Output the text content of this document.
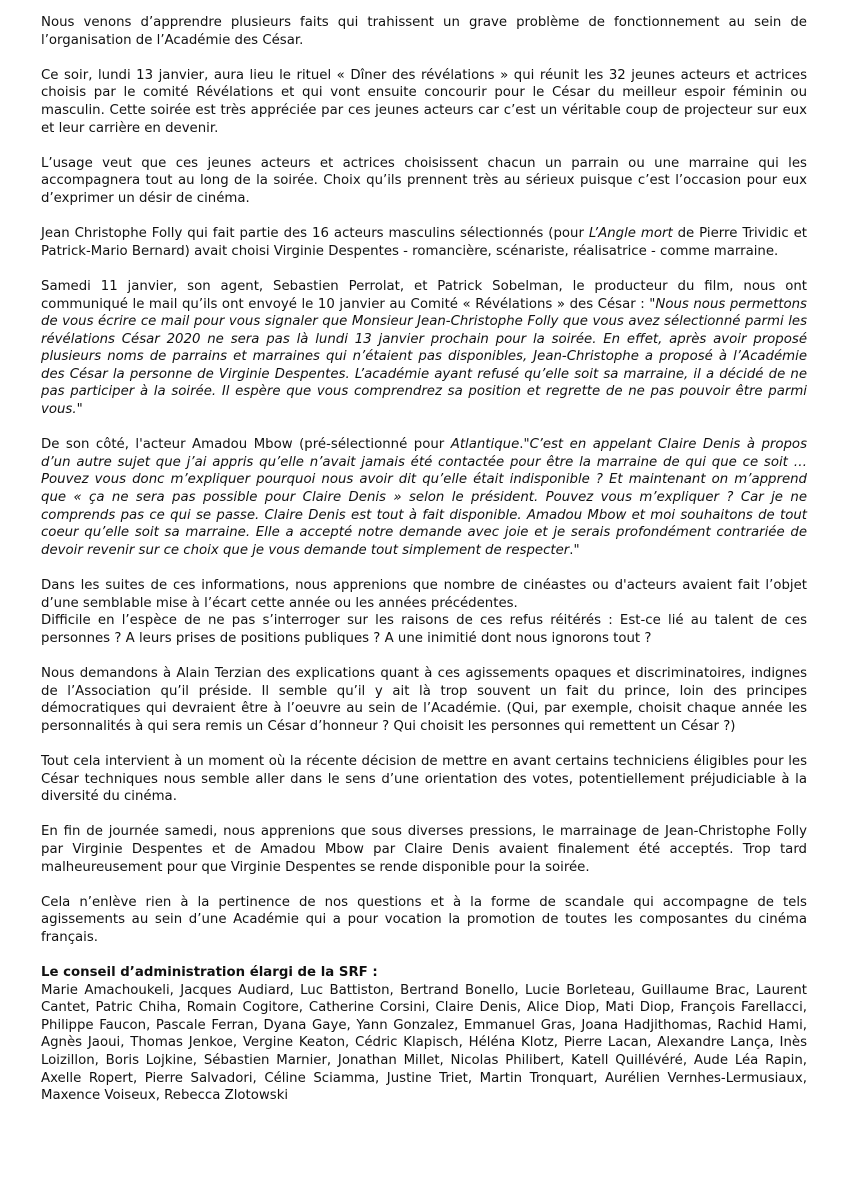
Nous venons d’apprendre plusieurs faits qui trahissent un grave problème de fonctionnement au sein de l’organisation de l’Académie des César.

Ce soir, lundi 13 janvier, aura lieu le rituel « Dîner des révélations » qui réunit les 32 jeunes acteurs et actrices choisis par le comité Révélations et qui vont ensuite concourir pour le César du meilleur espoir féminin ou masculin. Cette soirée est très appréciée par ces jeunes acteurs car c’est un véritable coup de projecteur sur eux et leur carrière en devenir.

L’usage veut que ces jeunes acteurs et actrices choisissent chacun un parrain ou une marraine qui les accompagnera tout au long de la soirée. Choix qu’ils prennent très au sérieux puisque c’est l’occasion pour eux d’exprimer un désir de cinéma.

Jean Christophe Folly qui fait partie des 16 acteurs masculins sélectionnés (pour L’Angle mort de Pierre Trividic et Patrick-Mario Bernard) avait choisi Virginie Despentes - romancière, scénariste, réalisatrice - comme marraine.

Samedi 11 janvier, son agent, Sebastien Perrolat, et Patrick Sobelman, le producteur du film, nous ont communiqué le mail qu’ils ont envoyé le 10 janvier au Comité « Révélations » des César : "Nous nous permettons de vous écrire ce mail pour vous signaler que Monsieur Jean-Christophe Folly que vous avez sélectionné parmi les révélations César 2020 ne sera pas là lundi 13 janvier prochain pour la soirée. En effet, après avoir proposé plusieurs noms de parrains et marraines qui n’étaient pas disponibles, Jean-Christophe a proposé à l’Académie des César la personne de Virginie Despentes. L’académie ayant refusé qu’elle soit sa marraine, il a décidé de ne pas participer à la soirée. Il espère que vous comprendrez sa position et regrette de ne pas pouvoir être parmi vous."

De son côté, l'acteur Amadou Mbow (pré-sélectionné pour Atlantique."C’est en appelant Claire Denis à propos d’un autre sujet que j’ai appris qu’elle n’avait jamais été contactée pour être la marraine de qui que ce soit … Pouvez vous donc m’expliquer pourquoi nous avoir dit qu’elle était indisponible ? Et maintenant on m’apprend que « ça ne sera pas possible pour Claire Denis » selon le président. Pouvez vous m’expliquer ? Car je ne comprends pas ce qui se passe. Claire Denis est tout à fait disponible. Amadou Mbow et moi souhaitons de tout coeur qu’elle soit sa marraine. Elle a accepté notre demande avec joie et je serais profondément contrariée de devoir revenir sur ce choix que je vous demande tout simplement de respecter."

Dans les suites de ces informations, nous apprenions que nombre de cinéastes ou d'acteurs avaient fait l’objet d’une semblable mise à l’écart cette année ou les années précédentes.

Difficile en l’espèce de ne pas s’interroger sur les raisons de ces refus réitérés : Est-ce lié au talent de ces personnes ? A leurs prises de positions publiques ? A une inimitié dont nous ignorons tout ?

Nous demandons à Alain Terzian des explications quant à ces agissements opaques et discriminatoires, indignes de l’Association qu’il préside. Il semble qu’il y ait là trop souvent un fait du prince, loin des principes démocratiques qui devraient être à l’oeuvre au sein de l’Académie. (Qui, par exemple, choisit chaque année les personnalités à qui sera remis un César d’honneur ? Qui choisit les personnes qui remettent un César ?)

Tout cela intervient à un moment où la récente décision de mettre en avant certains techniciens éligibles pour les César techniques nous semble aller dans le sens d’une orientation des votes, potentiellement préjudiciable à la diversité du cinéma.

En fin de journée samedi, nous apprenions que sous diverses pressions, le marrainage de Jean-Christophe Folly par Virginie Despentes et de Amadou Mbow par Claire Denis avaient finalement été acceptés. Trop tard malheureusement pour que Virginie Despentes se rende disponible pour la soirée.

Cela n’enlève rien à la pertinence de nos questions et à la forme de scandale qui accompagne de tels agissements au sein d’une Académie qui a pour vocation la promotion de toutes les composantes du cinéma français.

Le conseil d’administration élargi de la SRF :

Marie Amachoukeli, Jacques Audiard, Luc Battiston, Bertrand Bonello, Lucie Borleteau, Guillaume Brac, Laurent Cantet, Patric Chiha, Romain Cogitore, Catherine Corsini, Claire Denis, Alice Diop, Mati Diop, François Farellacci, Philippe Faucon, Pascale Ferran, Dyana Gaye, Yann Gonzalez, Emmanuel Gras, Joana Hadjithomas, Rachid Hami, Agnès Jaoui, Thomas Jenkoe, Vergine Keaton, Cédric Klapisch, Héléna Klotz, Pierre Lacan, Alexandre Lança, Inès Loizillon, Boris Lojkine, Sébastien Marnier, Jonathan Millet, Nicolas Philibert, Katell Quillévéré, Aude Léa Rapin, Axelle Ropert, Pierre Salvadori, Céline Sciamma, Justine Triet, Martin Tronquart, Aurélien Vernhes-Lermusiaux, Maxence Voiseux, Rebecca Zlotowski
